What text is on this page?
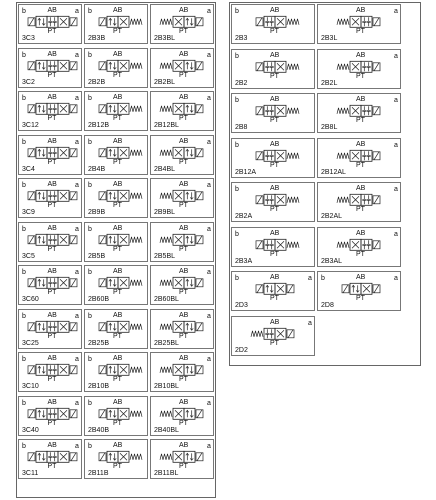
AB
PT
b	a
3C3
AB
PT
b
2B3B
AB
PT
a
2B3BL
AB
PT
b	a
3C2
AB
PT
b
2B2B
AB
PT
a
2B2BL
AB
PT
b	a
3C12
AB
PT
b
2B12B
AB
PT
a
2B12BL
AB
PT
b	a
3C4
AB
PT
b
2B4B
AB
PT
a
2B4BL
AB
PT
b	a
3C9
AB
PT
b
2B9B
AB
PT
a
2B9BL
AB
PT
b	a
3C5
AB
PT
b
2B5B
AB
PT
a
2B5BL
AB
PT
b	a
3C60
AB
PT
b
2B60B
AB
PT
a
2B60BL
AB
PT
b	a
3C25
AB
PT
b
2B25B
AB
PT
a
2B25BL
AB
PT
b	a
3C10
AB
PT
b
2B10B
AB
PT
a
2B10BL
AB
PT
b	a
3C40
AB
PT
b
2B40B
AB
PT
a
2B40BL
AB
PT
b	a
3C11
AB
PT
b
2B11B
AB
PT
a
2B11BL
AB
PT
b
2B3
AB
PT
a
2B3L
AB
PT
b
2B2
AB
PT
a
2B2L
AB
PT
b
2B8
AB
PT
a
2B8L
AB
PT
b
2B12A
AB
PT
a
2B12AL
AB
PT
b
2B2A
AB
PT
a
2B2AL
AB
PT
b
2B3A
AB
PT
a
2B3AL
AB
PT
b	a
2D3
AB
PT
b	a
2D8
AB
PT
a
2D2
